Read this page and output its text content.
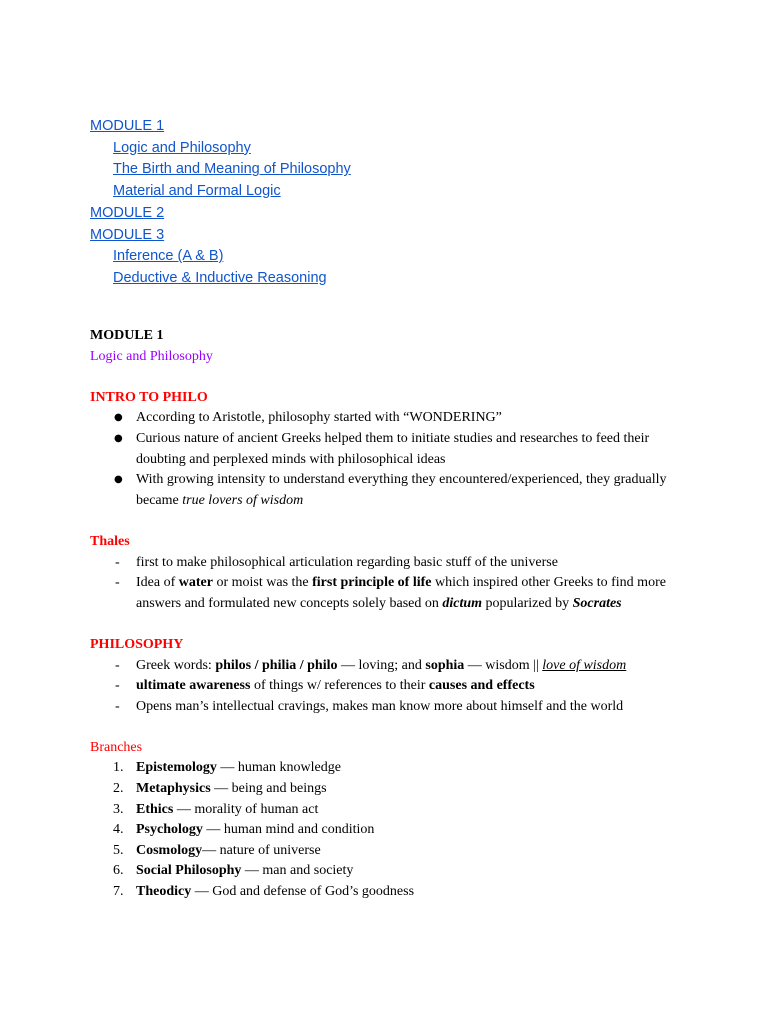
MODULE 1
Logic and Philosophy
The Birth and Meaning of Philosophy
Material and Formal Logic
MODULE 2
MODULE 3
Inference (A & B)
Deductive & Inductive Reasoning

MODULE 1

Logic and Philosophy

INTRO TO PHILO

● According to Aristotle, philosophy started with “WONDERING”
● Curious nature of ancient Greeks helped them to initiate studies and researches to feed their doubting and perplexed minds with philosophical ideas
● With growing intensity to understand everything they encountered/experienced, they gradually became true lovers of wisdom

Thales

- first to make philosophical articulation regarding basic stuff of the universe
- Idea of water or moist was the first principle of life which inspired other Greeks to find more answers and formulated new concepts solely based on dictum popularized by Socrates

PHILOSOPHY

- Greek words: philos / philia / philo — loving; and sophia — wisdom || love of wisdom
- ultimate awareness of things w/ references to their causes and effects
- Opens man’s intellectual cravings, makes man know more about himself and the world

Branches

1. Epistemology — human knowledge
2. Metaphysics — being and beings
3. Ethics — morality of human act
4. Psychology — human mind and condition
5. Cosmology— nature of universe
6. Social Philosophy — man and society
7. Theodicy — God and defense of God’s goodness
